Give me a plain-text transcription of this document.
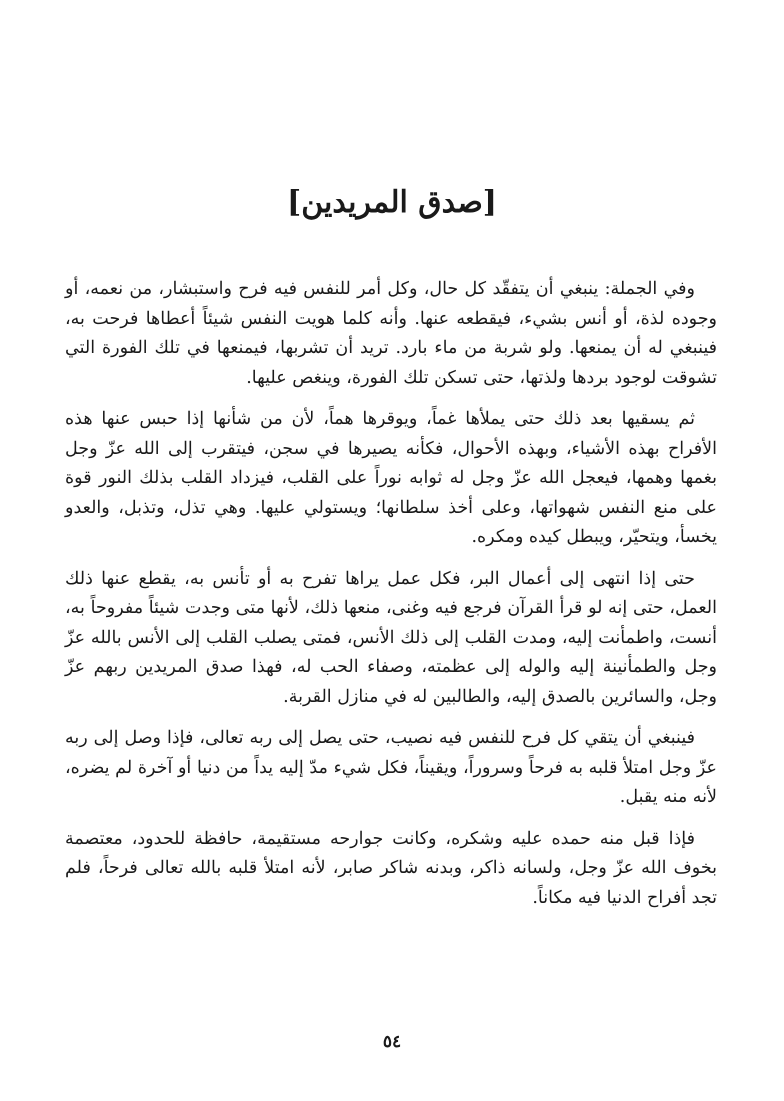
[صدق المريدين]

وفي الجملة: ينبغي أن يتفقّد كل حال، وكل أمر للنفس فيه فرح واستبشار، من نعمه، أو وجوده لذة، أو أنس بشيء، فيقطعه عنها. وأنه كلما هويت النفس شيئاً أعطاها فرحت به، فينبغي له أن يمنعها. ولو شربة من ماء بارد. تريد أن تشربها، فيمنعها في تلك الفورة التي تشوقت لوجود بردها ولذتها، حتى تسكن تلك الفورة، وينغص عليها.

ثم يسقيها بعد ذلك حتى يملأها غماً، ويوقرها هماً، لأن من شأنها إذا حبس عنها هذه الأفراح بهذه الأشياء، وبهذه الأحوال، فكأنه يصيرها في سجن، فيتقرب إلى الله عزّ وجل بغمها وهمها، فيعجل الله عزّ وجل له ثوابه نوراً على القلب، فيزداد القلب بذلك النور قوة على منع النفس شهواتها، وعلى أخذ سلطانها؛ ويستولي عليها. وهي تذل، وتذبل، والعدو يخسأ، ويتحيّر، ويبطل كيده ومكره.

حتى إذا انتهى إلى أعمال البر، فكل عمل يراها تفرح به أو تأنس به، يقطع عنها ذلك العمل، حتى إنه لو قرأ القرآن فرجع فيه وغنى، منعها ذلك، لأنها متى وجدت شيئاً مفروحاً به، أنست، واطمأنت إليه، ومدت القلب إلى ذلك الأنس، فمتى يصلب القلب إلى الأنس بالله عزّ وجل والطمأنينة إليه والوله إلى عظمته، وصفاء الحب له، فهذا صدق المريدين ربهم عزّ وجل، والسائرين بالصدق إليه، والطالبين له في منازل القربة.

فينبغي أن يتقي كل فرح للنفس فيه نصيب، حتى يصل إلى ربه تعالى، فإذا وصل إلى ربه عزّ وجل امتلأ قلبه به فرحاً وسروراً، ويقيناً، فكل شيء مدّ إليه يداً من دنيا أو آخرة لم يضره، لأنه منه يقبل.

فإذا قبل منه حمده عليه وشكره، وكانت جوارحه مستقيمة، حافظة للحدود، معتصمة بخوف الله عزّ وجل، ولسانه ذاكر، وبدنه شاكر صابر، لأنه امتلأ قلبه بالله تعالى فرحاً، فلم تجد أفراح الدنيا فيه مكاناً.

٥٤
